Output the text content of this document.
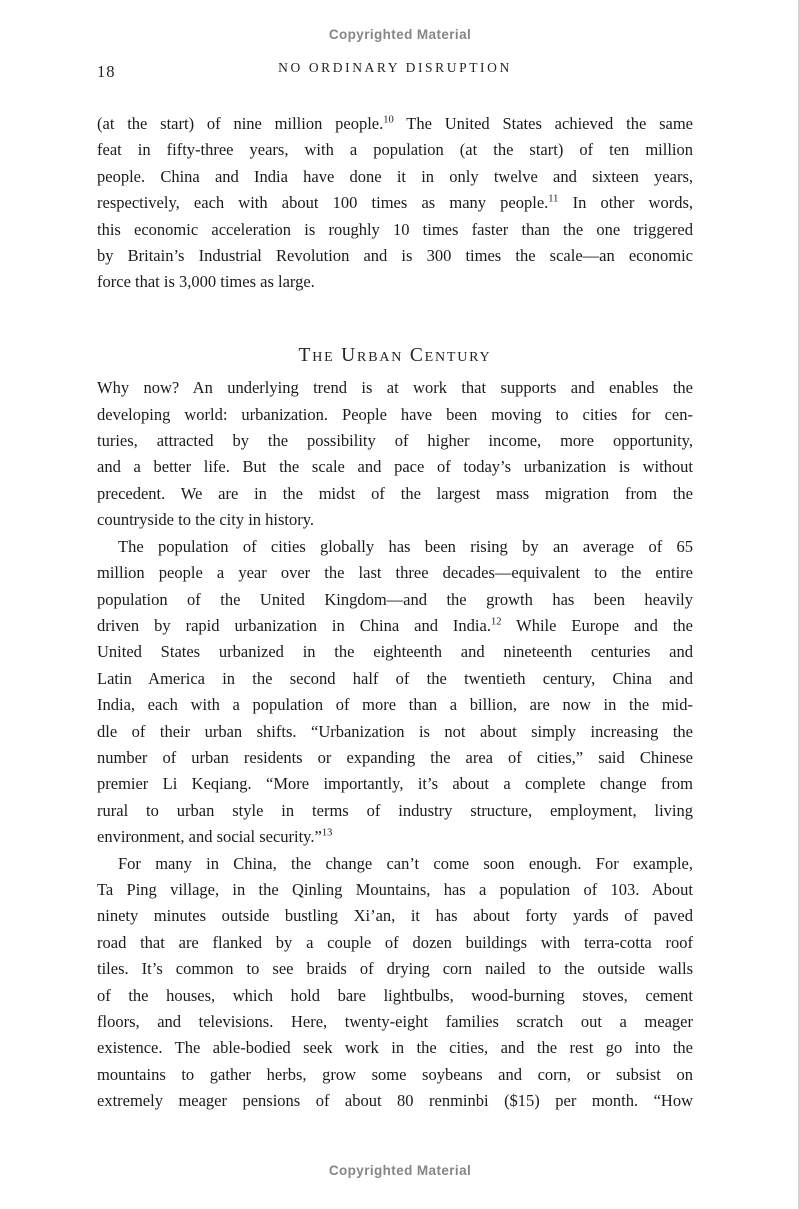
Copyrighted Material
18	NO ORDINARY DISRUPTION
(at the start) of nine million people.$^{10}$ The United States achieved the same
feat in fifty-three years, with a population (at the start) of ten million
people. China and India have done it in only twelve and sixteen years,
respectively, each with about 100 times as many people.$^{11}$ In other words,
this economic acceleration is roughly 10 times faster than the one triggered
by Britain’s Industrial Revolution and is 300 times the scale—an economic
force that is 3,000 times as large.
The Urban Century
Why now? An underlying trend is at work that supports and enables the
developing world: urbanization. People have been moving to cities for cen-
turies, attracted by the possibility of higher income, more opportunity,
and a better life. But the scale and pace of today’s urbanization is without
precedent. We are in the midst of the largest mass migration from the
countryside to the city in history.
The population of cities globally has been rising by an average of 65
million people a year over the last three decades—equivalent to the entire
population of the United Kingdom—and the growth has been heavily
driven by rapid urbanization in China and India.$^{12}$ While Europe and the
United States urbanized in the eighteenth and nineteenth centuries and
Latin America in the second half of the twentieth century, China and
India, each with a population of more than a billion, are now in the mid-
dle of their urban shifts. “Urbanization is not about simply increasing the
number of urban residents or expanding the area of cities,” said Chinese
premier Li Keqiang. “More importantly, it’s about a complete change from
rural to urban style in terms of industry structure, employment, living
environment, and social security.”$^{13}$
For many in China, the change can’t come soon enough. For example,
Ta Ping village, in the Qinling Mountains, has a population of 103. About
ninety minutes outside bustling Xi’an, it has about forty yards of paved
road that are flanked by a couple of dozen buildings with terra-cotta roof
tiles. It’s common to see braids of drying corn nailed to the outside walls
of the houses, which hold bare lightbulbs, wood-burning stoves, cement
floors, and televisions. Here, twenty-eight families scratch out a meager
existence. The able-bodied seek work in the cities, and the rest go into the
mountains to gather herbs, grow some soybeans and corn, or subsist on
extremely meager pensions of about 80 renminbi ($15) per month. “How
Copyrighted Material
